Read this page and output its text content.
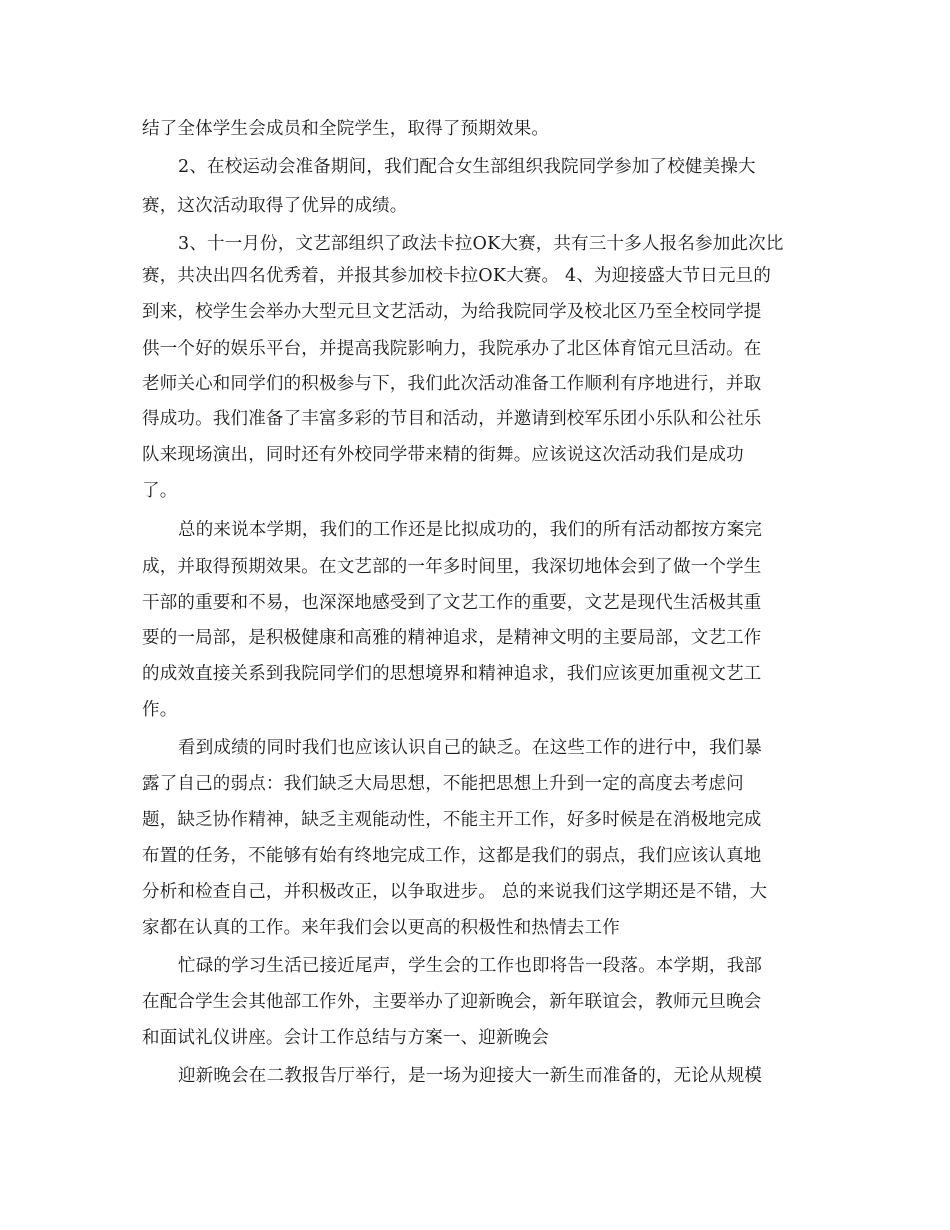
结了全体学生会成员和全院学生，取得了预期效果。
2、在校运动会准备期间，我们配合女生部组织我院同学参加了校健美操大
赛，这次活动取得了优异的成绩。
3、十一月份，文艺部组织了政法卡拉OK大赛，共有三十多人报名参加此次比
赛，共决出四名优秀着，并报其参加校卡拉OK大赛。 4、为迎接盛大节日元旦的
到来，校学生会举办大型元旦文艺活动，为给我院同学及校北区乃至全校同学提
供一个好的娱乐平台，并提高我院影响力，我院承办了北区体育馆元旦活动。在
老师关心和同学们的积极参与下，我们此次活动准备工作顺利有序地进行，并取
得成功。我们准备了丰富多彩的节目和活动，并邀请到校军乐团小乐队和公社乐
队来现场演出，同时还有外校同学带来精的街舞。应该说这次活动我们是成功
了。
总的来说本学期，我们的工作还是比拟成功的，我们的所有活动都按方案完
成，并取得预期效果。在文艺部的一年多时间里，我深切地体会到了做一个学生
干部的重要和不易，也深深地感受到了文艺工作的重要，文艺是现代生活极其重
要的一局部，是积极健康和高雅的精神追求，是精神文明的主要局部，文艺工作
的成效直接关系到我院同学们的思想境界和精神追求，我们应该更加重视文艺工
作。
看到成绩的同时我们也应该认识自己的缺乏。在这些工作的进行中，我们暴
露了自己的弱点：我们缺乏大局思想，不能把思想上升到一定的高度去考虑问
题，缺乏协作精神，缺乏主观能动性，不能主开工作，好多时候是在消极地完成
布置的任务，不能够有始有终地完成工作，这都是我们的弱点，我们应该认真地
分析和检查自己，并积极改正，以争取进步。 总的来说我们这学期还是不错，大
家都在认真的工作。来年我们会以更高的积极性和热情去工作
忙碌的学习生活已接近尾声，学生会的工作也即将告一段落。本学期，我部
在配合学生会其他部工作外，主要举办了迎新晚会，新年联谊会，教师元旦晚会
和面试礼仪讲座。会计工作总结与方案一、迎新晚会
迎新晚会在二教报告厅举行，是一场为迎接大一新生而准备的，无论从规模
